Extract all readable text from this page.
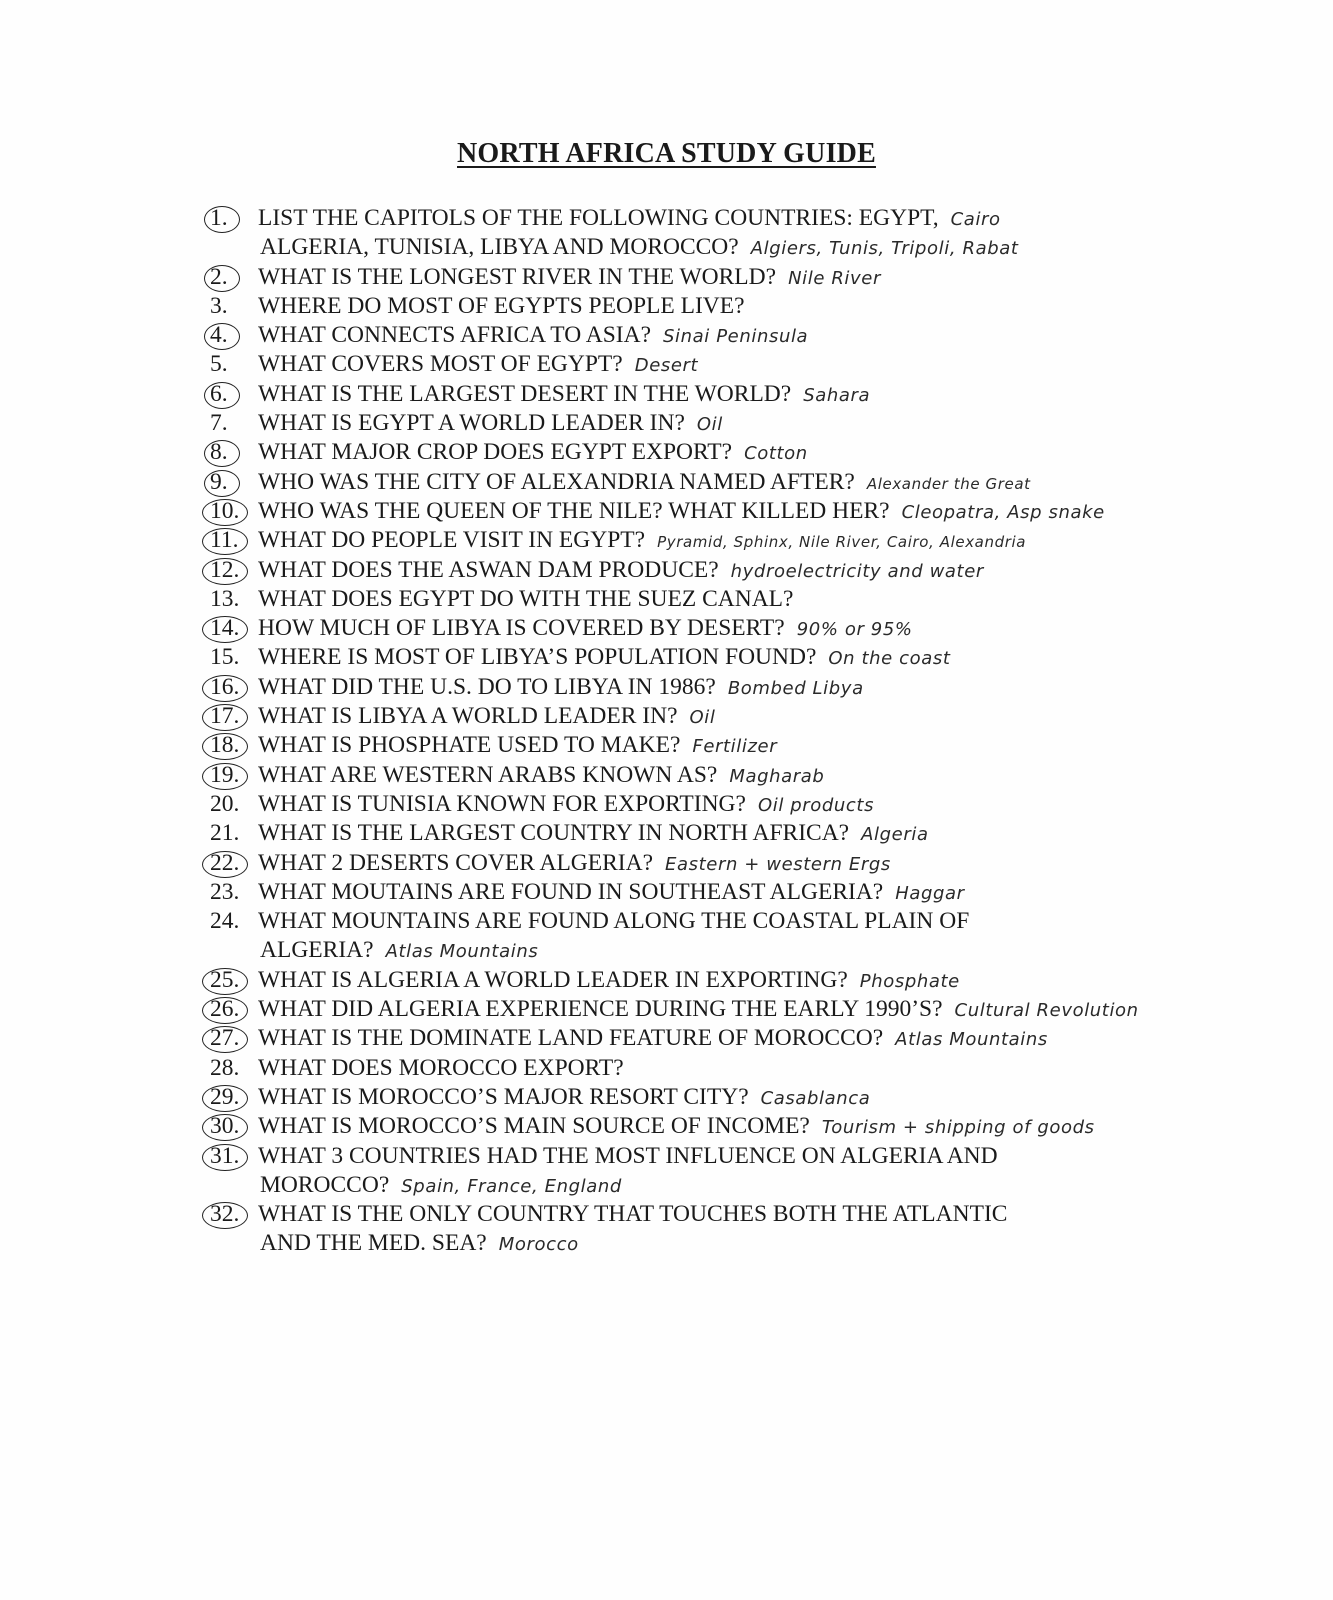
NORTH AFRICA STUDY GUIDE
1. LIST THE CAPITOLS OF THE FOLLOWING COUNTRIES: EGYPT, Cairo
ALGERIA, TUNISIA, LIBYA AND MOROCCO? Algiers, Tunis, Tripoli, Rabat
2. WHAT IS THE LONGEST RIVER IN THE WORLD? Nile River
3. WHERE DO MOST OF EGYPTS PEOPLE LIVE?
4. WHAT CONNECTS AFRICA TO ASIA? Sinai Peninsula
5. WHAT COVERS MOST OF EGYPT? Desert
6. WHAT IS THE LARGEST DESERT IN THE WORLD? Sahara
7. WHAT IS EGYPT A WORLD LEADER IN? Oil
8. WHAT MAJOR CROP DOES EGYPT EXPORT? Cotton
9. WHO WAS THE CITY OF ALEXANDRIA NAMED AFTER? Alexander the Great
10. WHO WAS THE QUEEN OF THE NILE? WHAT KILLED HER? Cleopatra, Asp snake
11. WHAT DO PEOPLE VISIT IN EGYPT? Pyramid, Sphinx, Nile River, Cairo, Alexandria
12. WHAT DOES THE ASWAN DAM PRODUCE? hydroelectricity and water
13. WHAT DOES EGYPT DO WITH THE SUEZ CANAL?
14. HOW MUCH OF LIBYA IS COVERED BY DESERT? 90% or 95%
15. WHERE IS MOST OF LIBYA’S POPULATION FOUND? On the coast
16. WHAT DID THE U.S. DO TO LIBYA IN 1986? Bombed Libya
17. WHAT IS LIBYA A WORLD LEADER IN? Oil
18. WHAT IS PHOSPHATE USED TO MAKE? Fertilizer
19. WHAT ARE WESTERN ARABS KNOWN AS? Magharab
20. WHAT IS TUNISIA KNOWN FOR EXPORTING? Oil products
21. WHAT IS THE LARGEST COUNTRY IN NORTH AFRICA? Algeria
22. WHAT 2 DESERTS COVER ALGERIA? Eastern + western Ergs
23. WHAT MOUTAINS ARE FOUND IN SOUTHEAST ALGERIA? Haggar
24. WHAT MOUNTAINS ARE FOUND ALONG THE COASTAL PLAIN OF
ALGERIA? Atlas Mountains
25. WHAT IS ALGERIA A WORLD LEADER IN EXPORTING? Phosphate
26. WHAT DID ALGERIA EXPERIENCE DURING THE EARLY 1990’S? Cultural Revolution
27. WHAT IS THE DOMINATE LAND FEATURE OF MOROCCO? Atlas Mountains
28. WHAT DOES MOROCCO EXPORT?
29. WHAT IS MOROCCO’S MAJOR RESORT CITY? Casablanca
30. WHAT IS MOROCCO’S MAIN SOURCE OF INCOME? Tourism + shipping of goods
31. WHAT 3 COUNTRIES HAD THE MOST INFLUENCE ON ALGERIA AND
MOROCCO? Spain, France, England
32. WHAT IS THE ONLY COUNTRY THAT TOUCHES BOTH THE ATLANTIC
AND THE MED. SEA? Morocco
